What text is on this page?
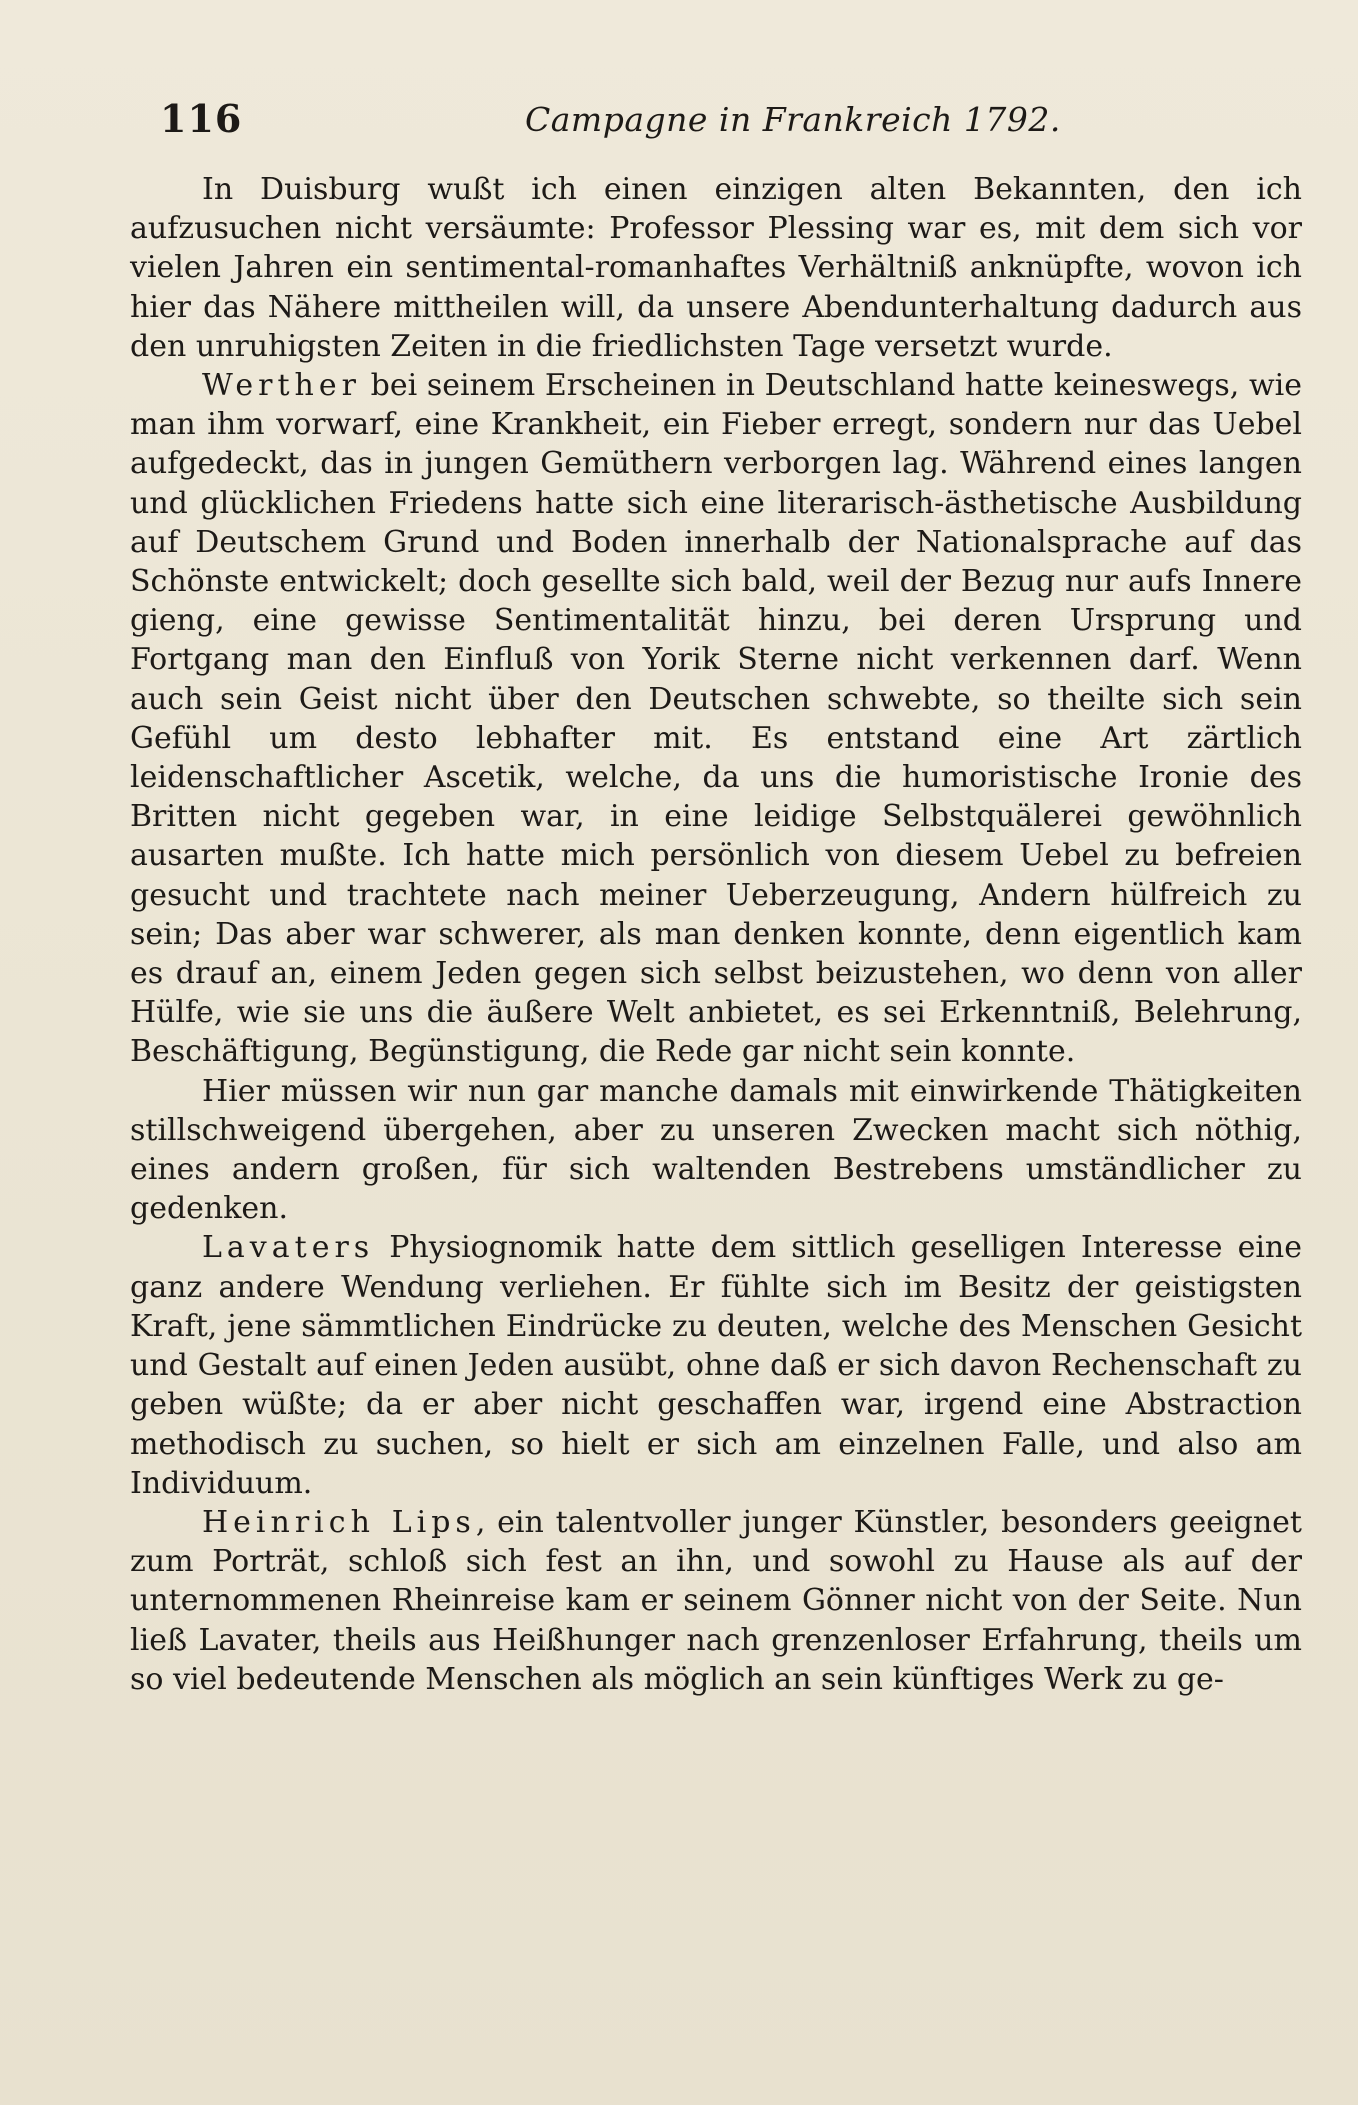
116	Campagne in Frankreich 1792.

In Duisburg wußt ich einen einzigen alten Bekannten, den ich aufzusuchen nicht versäumte: Professor Plessing war es, mit dem sich vor vielen Jahren ein sentimental-romanhaftes Verhältniß anknüpfte, wovon ich hier das Nähere mittheilen will, da unsere Abendunterhaltung dadurch aus den unruhigsten Zeiten in die friedlichsten Tage versetzt wurde.

Werther bei seinem Erscheinen in Deutschland hatte keineswegs, wie man ihm vorwarf, eine Krankheit, ein Fieber erregt, sondern nur das Uebel aufgedeckt, das in jungen Gemüthern verborgen lag. Während eines langen und glücklichen Friedens hatte sich eine literarisch-ästhetische Ausbildung auf Deutschem Grund und Boden innerhalb der Nationalsprache auf das Schönste entwickelt; doch gesellte sich bald, weil der Bezug nur aufs Innere gieng, eine gewisse Sentimentalität hinzu, bei deren Ursprung und Fortgang man den Einfluß von Yorik Sterne nicht verkennen darf. Wenn auch sein Geist nicht über den Deutschen schwebte, so theilte sich sein Gefühl um desto lebhafter mit. Es entstand eine Art zärtlich leidenschaftlicher Ascetik, welche, da uns die humoristische Ironie des Britten nicht gegeben war, in eine leidige Selbstquälerei gewöhnlich ausarten mußte. Ich hatte mich persönlich von diesem Uebel zu befreien gesucht und trachtete nach meiner Ueberzeugung, Andern hülfreich zu sein; Das aber war schwerer, als man denken konnte, denn eigentlich kam es drauf an, einem Jeden gegen sich selbst beizustehen, wo denn von aller Hülfe, wie sie uns die äußere Welt anbietet, es sei Erkenntniß, Belehrung, Beschäftigung, Begünstigung, die Rede gar nicht sein konnte.

Hier müssen wir nun gar manche damals mit einwirkende Thätigkeiten stillschweigend übergehen, aber zu unseren Zwecken macht sich nöthig, eines andern großen, für sich waltenden Bestrebens umständlicher zu gedenken.

Lavaters Physiognomik hatte dem sittlich geselligen Interesse eine ganz andere Wendung verliehen. Er fühlte sich im Besitz der geistigsten Kraft, jene sämmtlichen Eindrücke zu deuten, welche des Menschen Gesicht und Gestalt auf einen Jeden ausübt, ohne daß er sich davon Rechenschaft zu geben wüßte; da er aber nicht geschaffen war, irgend eine Abstraction methodisch zu suchen, so hielt er sich am einzelnen Falle, und also am Individuum.

Heinrich Lips, ein talentvoller junger Künstler, besonders geeignet zum Porträt, schloß sich fest an ihn, und sowohl zu Hause als auf der unternommenen Rheinreise kam er seinem Gönner nicht von der Seite. Nun ließ Lavater, theils aus Heißhunger nach grenzenloser Erfahrung, theils um so viel bedeutende Menschen als möglich an sein künftiges Werk zu ge-
